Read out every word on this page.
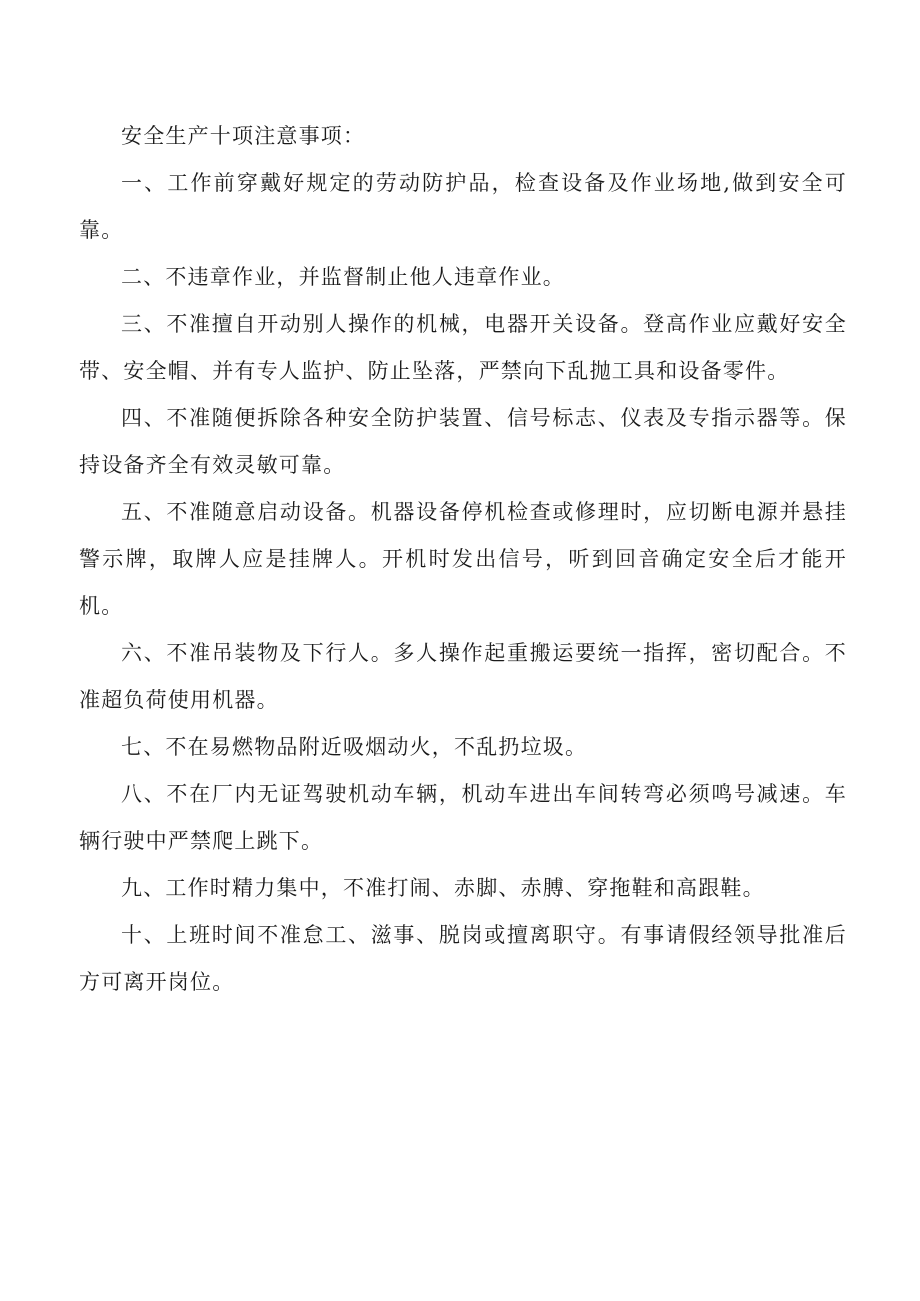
安全生产十项注意事项：

一、工作前穿戴好规定的劳动防护品，检查设备及作业场地,做到安全可靠。

二、不违章作业，并监督制止他人违章作业。

三、不准擅自开动别人操作的机械，电器开关设备。登高作业应戴好安全带、安全帽、并有专人监护、防止坠落，严禁向下乱抛工具和设备零件。

四、不准随便拆除各种安全防护装置、信号标志、仪表及专指示器等。保持设备齐全有效灵敏可靠。

五、不准随意启动设备。机器设备停机检查或修理时，应切断电源并悬挂警示牌，取牌人应是挂牌人。开机时发出信号，听到回音确定安全后才能开机。

六、不准吊装物及下行人。多人操作起重搬运要统一指挥，密切配合。不准超负荷使用机器。

七、不在易燃物品附近吸烟动火，不乱扔垃圾。

八、不在厂内无证驾驶机动车辆，机动车进出车间转弯必须鸣号减速。车辆行驶中严禁爬上跳下。

九、工作时精力集中，不准打闹、赤脚、赤膊、穿拖鞋和高跟鞋。

十、上班时间不准怠工、滋事、脱岗或擅离职守。有事请假经领导批准后方可离开岗位。
